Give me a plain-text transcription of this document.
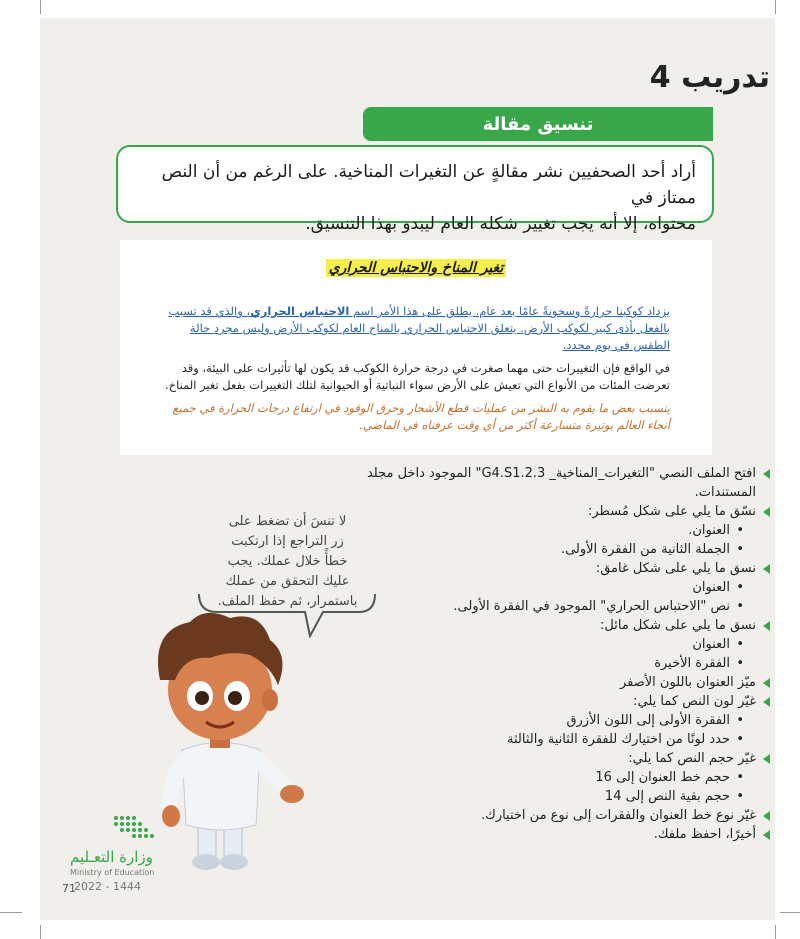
تدريب 4
تنسيق مقالة
أراد أحد الصحفيين نشر مقالةٍ عن التغيرات المناخية. على الرغم من أن النص ممتاز في
محتواه، إلا أنه يجب تغيير شكله العام ليبدو بهذا التنسيق.
تغير المناخ والاحتباس الحراري

يزداد كوكبنا حرارةً وسخونةً عامًا بعد عام. يطلق على هذا الأمر اسم الاحتباس الحراري، والذي قد تسبب بالفعل بأذى كبير لكوكب الأرض. يتعلق الاحتباس الحراري بالمناخ العام لكوكب الأرض وليس مجرد حالة الطقس في يوم محدد.

في الواقع فإن التغييرات حتى مهما صغرت في درجة حرارة الكوكب قد يكون لها تأثيرات على البيئة، وقد تعرضت المئات من الأنواع التي تعيش على الأرض سواء النباتية أو الحيوانية لتلك التغييرات بفعل تغير المناخ.

يتسبب بعض ما يقوم به البشر من عمليات قطع الأشجار وحرق الوقود في ارتفاع درجات الحرارة في جميع أنحاء العالم بوتيرة متسارعة أكثر من أي وقت عرفناه في الماضي.

افتح الملف النصي "التغيرات_المناخية_ G4.S1.2.3" الموجود داخل مجلد المستندات.
نسّق ما يلي على شكل مُسطر:
• العنوان.
• الجملة الثانية من الفقرة الأولى.
نسق ما يلي على شكل غامق:
• العنوان
• نص "الاحتباس الحراري" الموجود في الفقرة الأولى.
نسق ما يلي على شكل مائل:
• العنوان
• الفقرة الأخيرة
ميّز العنوان باللون الأصفر
غيّر لون النص كما يلي:
• الفقرة الأولى إلى اللون الأزرق
• حدد لونًا من اختيارك للفقرة الثانية والثالثة
غيّر حجم النص كما يلي:
• حجم خط العنوان إلى 16
• حجم بقية النص إلى 14
غيّر نوع خط العنوان والفقرات إلى نوع من اختيارك.
أخيرًا، احفظ ملفك.
لا تنسَ أن تضغط على
زر التراجع إذا ارتكبت
خطأً خلال عملك. يجب
عليك التحقق من عملك
باستمرار، ثم حفظ الملف.
وزارة التعـليم
Ministry of Education
2022 - 1444
71
